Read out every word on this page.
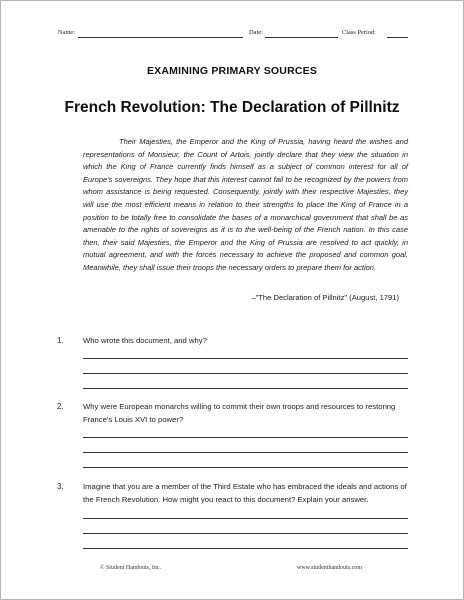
Name:	Date:	Class Period:
EXAMINING PRIMARY SOURCES
French Revolution: The Declaration of Pillnitz
Their Majesties, the Emperor and the King of Prussia, having heard the wishes and representations of Monsieur, the Count of Artois, jointly declare that they view the situation in which the King of France currently finds himself as a subject of common interest for all of Europe's sovereigns. They hope that this interest cannot fail to be recognized by the powers from whom assistance is being requested. Consequently, jointly with their respective Majesties, they will use the most efficient means in relation to their strengths to place the King of France in a position to be totally free to consolidate the bases of a monarchical government that shall be as amenable to the rights of sovereigns as it is to the well-being of the French nation. In this case then, their said Majesties, the Emperor and the King of Prussia are resolved to act quickly, in mutual agreement, and with the forces necessary to achieve the proposed and common goal. Meanwhile, they shall issue their troops the necessary orders to prepare them for action.
–"The Declaration of Pillnitz" (August, 1791)
1.	Who wrote this document, and why?
2.	Why were European monarchs willing to commit their own troops and resources to restoring France's Louis XVI to power?
3.	Imagine that you are a member of the Third Estate who has embraced the ideals and actions of the French Revolution. How might you react to this document? Explain your answer.
© Student Handouts, Inc.	www.studenthandouts.com
